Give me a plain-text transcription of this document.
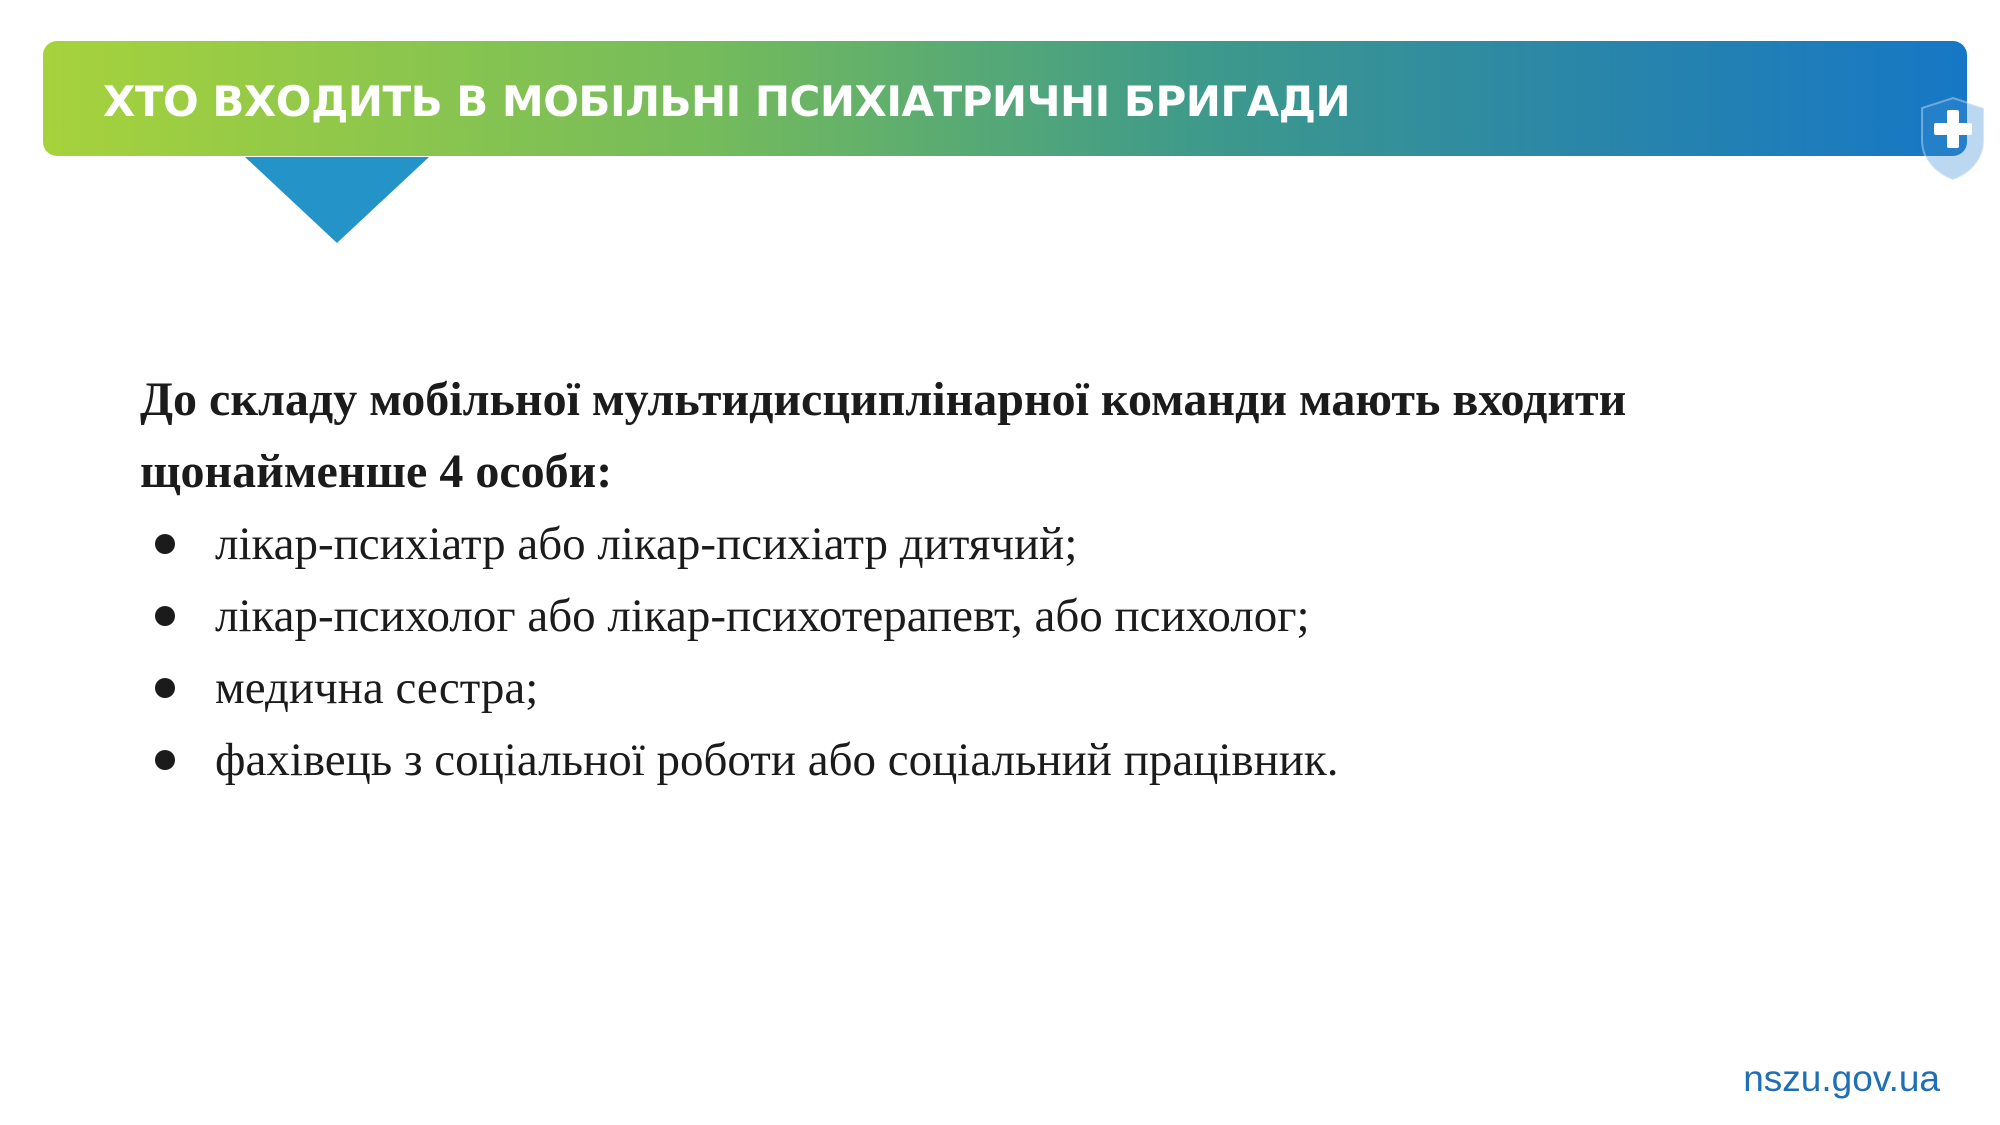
ХТО ВХОДИТЬ В МОБІЛЬНІ ПСИХІАТРИЧНІ БРИГАДИ

До складу мобільної мультидисциплінарної команди мають входити
щонайменше 4 особи:

лікар-психіатр або лікар-психіатр дитячий;
лікар-психолог або лікар-психотерапевт, або психолог;
медична сестра;
фахівець з соціальної роботи або соціальний працівник.
nszu.gov.ua
